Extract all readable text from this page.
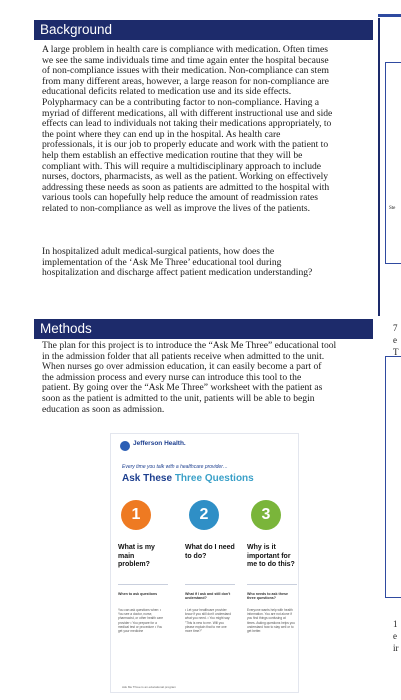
Background
A large problem in health care is compliance with medication. Often times
we see the same individuals time and time again enter the hospital because
of non-compliance issues with their medication. Non-compliance can stem
from many different areas, however, a large reason for non-compliance are
educational deficits related to medication use and its side effects.
Polypharmacy can be a contributing factor to non-compliance. Having a
myriad of different medications, all with different instructional use and side
effects can lead to individuals not taking their medications appropriately, to
the point where they can end up in the hospital. As health care
professionals, it is our job to properly educate and work with the patient to
help them establish an effective medication routine that they will be
compliant with. This will require a multidisciplinary approach to include
nurses, doctors, pharmacists, as well as the patient. Working on effectively
addressing these needs as soon as patients are admitted to the hospital with
various tools can hopefully help reduce the amount of readmission rates
related to non-compliance as well as improve the lives of the patients.
In hospitalized adult medical-surgical patients, how does the
implementation of the ‘Ask Me Three’ educational tool during
hospitalization and discharge affect patient medication understanding?
Methods
The plan for this project is to introduce the “Ask Me Three” educational tool
in the admission folder that all patients receive when admitted to the unit.
When nurses go over admission education, it can easily become a part of
the admission process and every nurse can introduce this tool to the
patient. By going over the “Ask Me Three” worksheet with the patient as
soon as the patient is admitted to the unit, patients will be able to begin
education as soon as admission.
Jefferson Health.
Every time you talk with a healthcare provider…
Ask These Three Questions
1	2	3
What is my main problem?
What do I need to do?
Why is it important for me to do this?
When to ask questions	What if I ask and still don't understand?
Who needs to ask these three questions?
You can ask questions when: • You see a doctor, nurse, pharmacist, or other health care provider • You prepare for a medical test or procedure • You get your medicine
• Let your healthcare provider know if you still don't understand what you need. • You might say: "This is new to me. Will you please explain that to me one more time?"
Everyone wants help with health information. You are not alone if you find things confusing at times. Asking questions helps you understand how to stay well or to get better.
Ask Me Three is an educational program
Ste
7
e
T
1
e
ir
